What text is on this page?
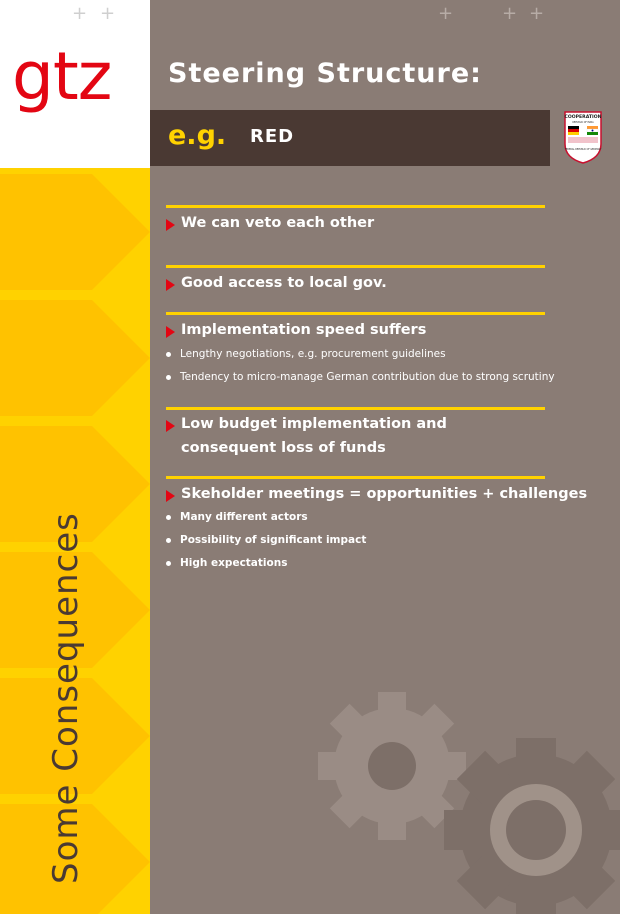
gtz
+ +	+	+ +
Some Consequences
Steering Structure:
e.g. RED
COOPERATION
REPUBLIC OF INDIA
FEDERAL REPUBLIC OF GERMANY
We can veto each other
Good access to local gov.
Implementation speed suffers
Lengthy negotiations, e.g. procurement guidelines
Tendency to micro-manage German contribution due to strong scrutiny
Low budget implementation and consequent loss of funds
Skeholder meetings = opportunities + challenges
Many different actors
Possibility of significant impact
High expectations
